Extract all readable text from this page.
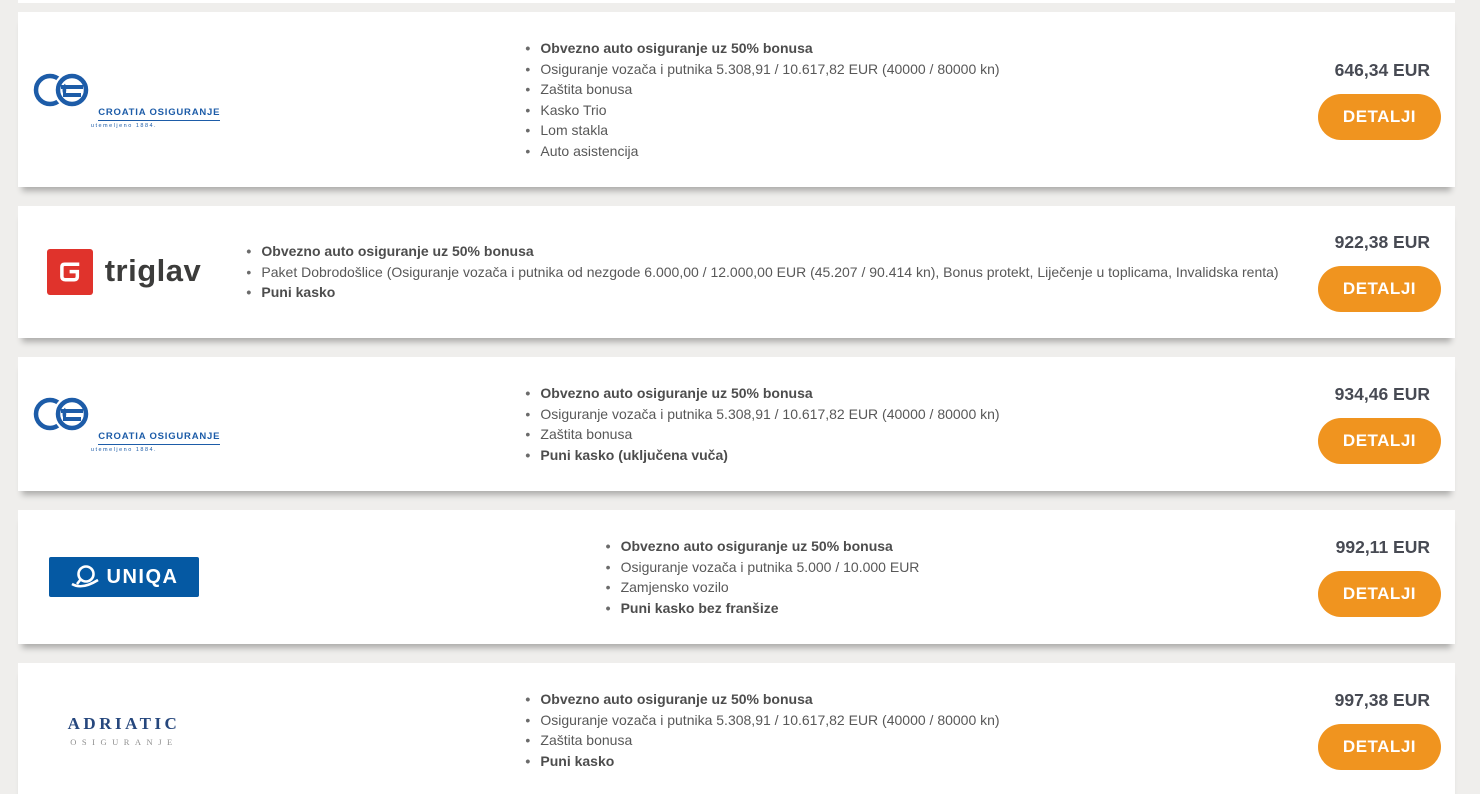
CROATIA OSIGURANJE
utemeljeno 1884.
• Obvezno auto osiguranje uz 50% bonusa
• Osiguranje vozača i putnika 5.308,91 / 10.617,82 EUR (40000 / 80000 kn)
• Zaštita bonusa
• Kasko Trio
• Lom stakla
• Auto asistencija
646,34 EUR
DETALJI
triglav
• Obvezno auto osiguranje uz 50% bonusa
• Paket Dobrodošlice (Osiguranje vozača i putnika od nezgode 6.000,00 / 12.000,00 EUR (45.207 / 90.414 kn), Bonus protekt, Liječenje u toplicama, Invalidska renta)
• Puni kasko
922,38 EUR
DETALJI
CROATIA OSIGURANJE
utemeljeno 1884.
• Obvezno auto osiguranje uz 50% bonusa
• Osiguranje vozača i putnika 5.308,91 / 10.617,82 EUR (40000 / 80000 kn)
• Zaštita bonusa
• Puni kasko (uključena vuča)
934,46 EUR
DETALJI
UNIQA
• Obvezno auto osiguranje uz 50% bonusa
• Osiguranje vozača i putnika 5.000 / 10.000 EUR
• Zamjensko vozilo
• Puni kasko bez franšize
992,11 EUR
DETALJI
ADRIATIC
OSIGURANJE
• Obvezno auto osiguranje uz 50% bonusa
• Osiguranje vozača i putnika 5.308,91 / 10.617,82 EUR (40000 / 80000 kn)
• Zaštita bonusa
• Puni kasko
997,38 EUR
DETALJI
